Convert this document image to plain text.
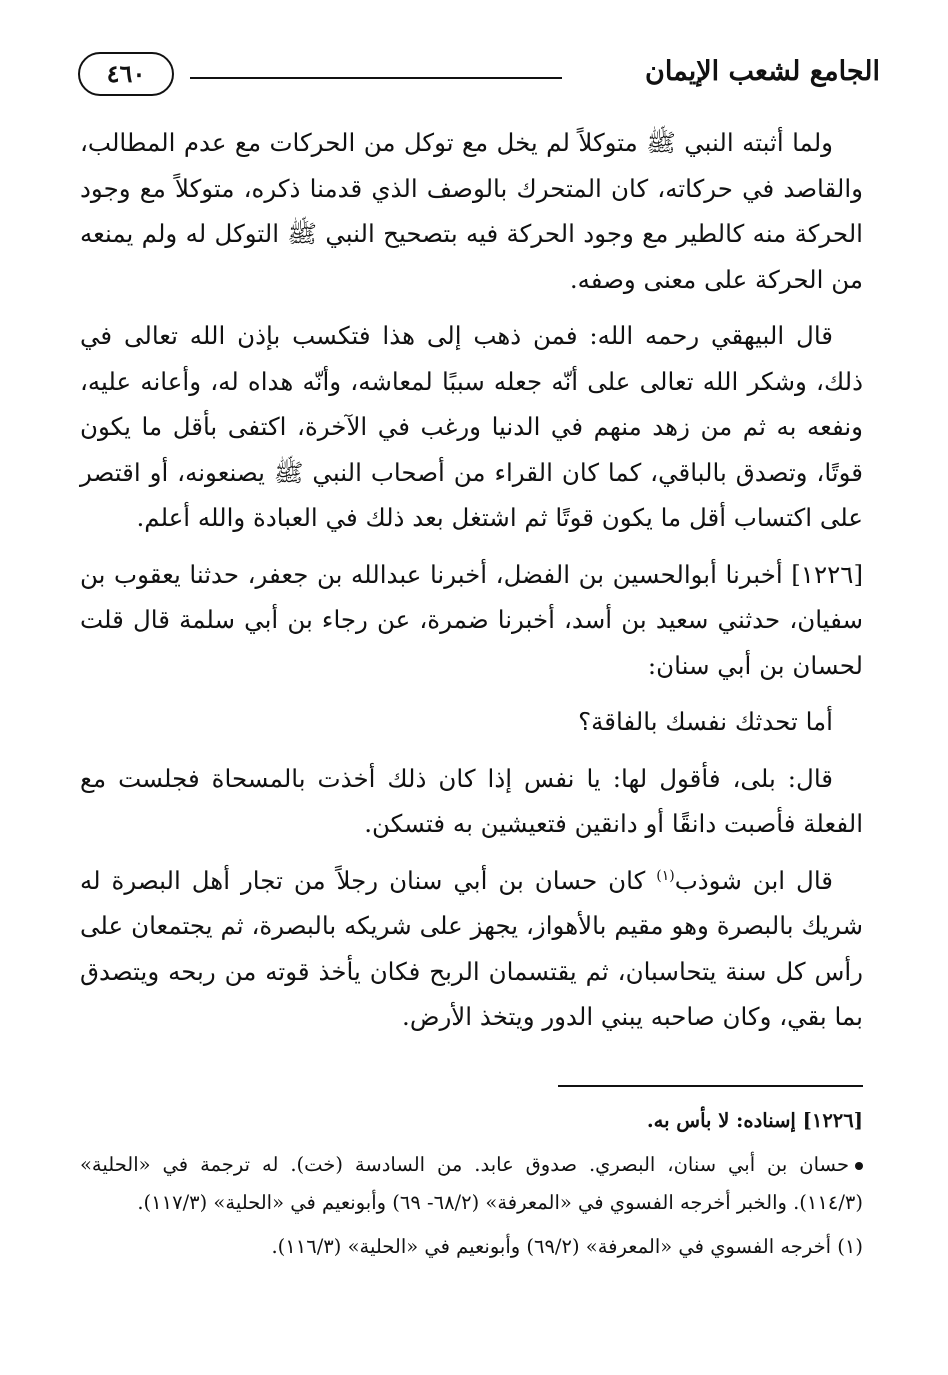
الجامع لشعب الإيمان
٤٦٠

ولما أثبته النبي ﷺ متوكلاً لم يخل مع توكل من الحركات مع عدم المطالب، والقاصد في حركاته، كان المتحرك بالوصف الذي قدمنا ذكره، متوكلاً مع وجود الحركة منه كالطير مع وجود الحركة فيه بتصحيح النبي ﷺ التوكل له ولم يمنعه من الحركة على معنى وصفه.

قال البيهقي رحمه الله: فمن ذهب إلى هذا فتكسب بإذن الله تعالى في ذلك، وشكر الله تعالى على أنّه جعله سببًا لمعاشه، وأنّه هداه له، وأعانه عليه، ونفعه به ثم من زهد منهم في الدنيا ورغب في الآخرة، اكتفى بأقل ما يكون قوتًا، وتصدق بالباقي، كما كان القراء من أصحاب النبي ﷺ يصنعونه، أو اقتصر على اكتساب أقل ما يكون قوتًا ثم اشتغل بعد ذلك في العبادة والله أعلم.

[١٢٢٦] أخبرنا أبوالحسين بن الفضل، أخبرنا عبدالله بن جعفر، حدثنا يعقوب بن سفيان، حدثني سعيد بن أسد، أخبرنا ضمرة، عن رجاء بن أبي سلمة قال قلت لحسان بن أبي سنان:

أما تحدثك نفسك بالفاقة؟

قال: بلى، فأقول لها: يا نفس إذا كان ذلك أخذت بالمسحاة فجلست مع الفعلة فأصبت دانقًا أو دانقين فتعيشين به فتسكن.

قال ابن شوذب$^{(١)}$ كان حسان بن أبي سنان رجلاً من تجار أهل البصرة له شريك بالبصرة وهو مقيم بالأهواز، يجهز على شريكه بالبصرة، ثم يجتمعان على رأس كل سنة يتحاسبان، ثم يقتسمان الربح فكان يأخذ قوته من ربحه ويتصدق بما بقي، وكان صاحبه يبني الدور ويتخذ الأرض.

[١٢٢٦] إسناده: لا بأس به.

حسان بن أبي سنان، البصري. صدوق عابد. من السادسة (خت). له ترجمة في «الحلية» (١١٤/٣). والخبر أخرجه الفسوي في «المعرفة» (٦٨/٢- ٦٩) وأبونعيم في «الحلية» (١١٧/٣).

(١) أخرجه الفسوي في «المعرفة» (٦٩/٢) وأبونعيم في «الحلية» (١١٦/٣).
